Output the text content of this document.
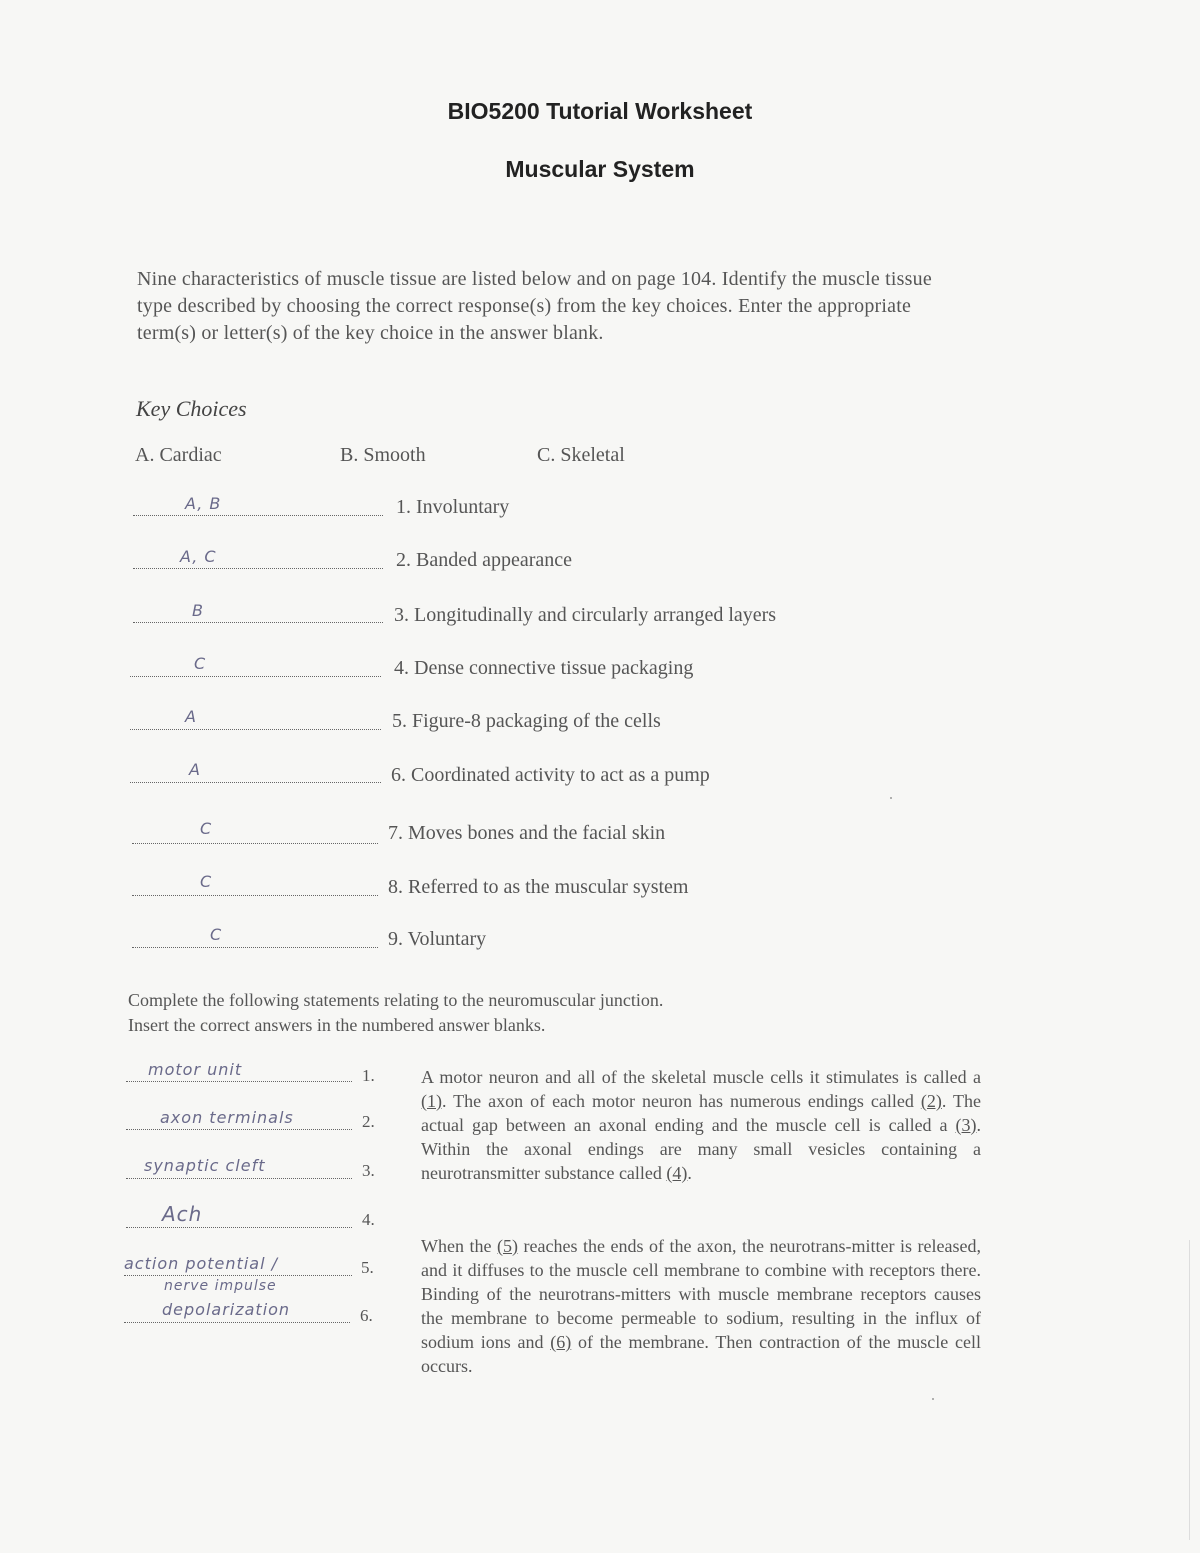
BIO5200 Tutorial Worksheet
Muscular System
Nine characteristics of muscle tissue are listed below and on page 104. Identify the muscle tissue type described by choosing the correct response(s) from the key choices. Enter the appropriate term(s) or letter(s) of the key choice in the answer blank.
Key Choices
A. Cardiac	B. Smooth	C. Skeletal
A, B	1. Involuntary
A, C	2. Banded appearance
B	3. Longitudinally and circularly arranged layers
C	4. Dense connective tissue packaging
A	5. Figure-8 packaging of the cells
A	6. Coordinated activity to act as a pump
C	7. Moves bones and the facial skin
C	8. Referred to as the muscular system
C	9. Voluntary
Complete the following statements relating to the neuromuscular junction.
Insert the correct answers in the numbered answer blanks.
motor unit	1.
axon terminals	2.
synaptic cleft	3.
Ach	4.
action potential /
nerve impulse
5.
depolarization	6.
A motor neuron and all of the skeletal muscle cells it stimulates is called a (1). The axon of each motor neuron has numerous endings called (2). The actual gap between an axonal ending and the muscle cell is called a (3). Within the axonal endings are many small vesicles containing a neurotransmitter substance called (4).
When the (5) reaches the ends of the axon, the neurotrans-mitter is released, and it diffuses to the muscle cell membrane to combine with receptors there. Binding of the neurotrans-mitters with muscle membrane receptors causes the membrane to become permeable to sodium, resulting in the influx of sodium ions and (6) of the membrane. Then contraction of the muscle cell occurs.
